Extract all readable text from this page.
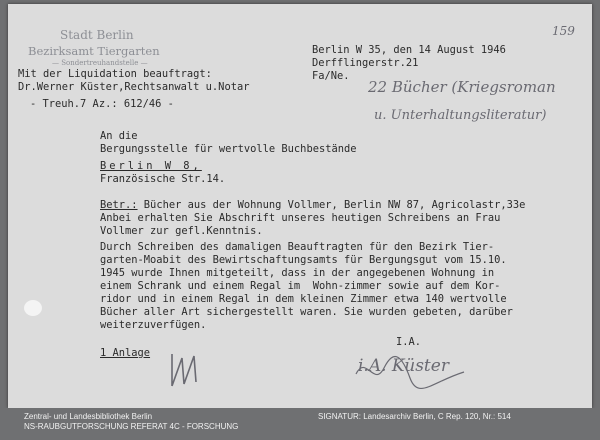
Stadt Berlin
Bezirksamt Tiergarten
— Sondertreuhandstelle —
Mit der Liquidation beauftragt:
Dr.Werner Küster,Rechtsanwalt u.Notar
- Treuh.7 Az.: 612/46 -
Berlin W 35, den 14 August 1946
Derfflingerstr.21
Fa/Ne.
159
22 Bücher (Kriegsroman
u. Unterhaltungsliteratur)
An die
Bergungsstelle für wertvolle Buchbestände
Berlin W 8,
Französische Str.14.
Betr.: Bücher aus der Wohnung Vollmer, Berlin NW 87, Agricolastr,33e
Anbei erhalten Sie Abschrift unseres heutigen Schreibens an Frau
Vollmer zur gefl.Kenntnis.
Durch Schreiben des damaligen Beauftragten für den Bezirk Tier-
garten-Moabit des Bewirtschaftungsamts für Bergungsgut vom 15.10.
1945 wurde Ihnen mitgeteilt, dass in der angegebenen Wohnung in
einem Schrank und einem Regal im  Wohn-zimmer sowie auf dem Kor-
ridor und in einem Regal in dem kleinen Zimmer etwa 140 wertvolle
Bücher aller Art sichergestellt waren. Sie wurden gebeten, darüber
weiterzuverfügen.
I.A.
1 Anlage
i.A. Küster
Zentral- und Landesbibliothek Berlin
NS-RAUBGUTFORSCHUNG REFERAT 4C - FORSCHUNG
SIGNATUR: Landesarchiv Berlin, C Rep. 120, Nr.: 514
